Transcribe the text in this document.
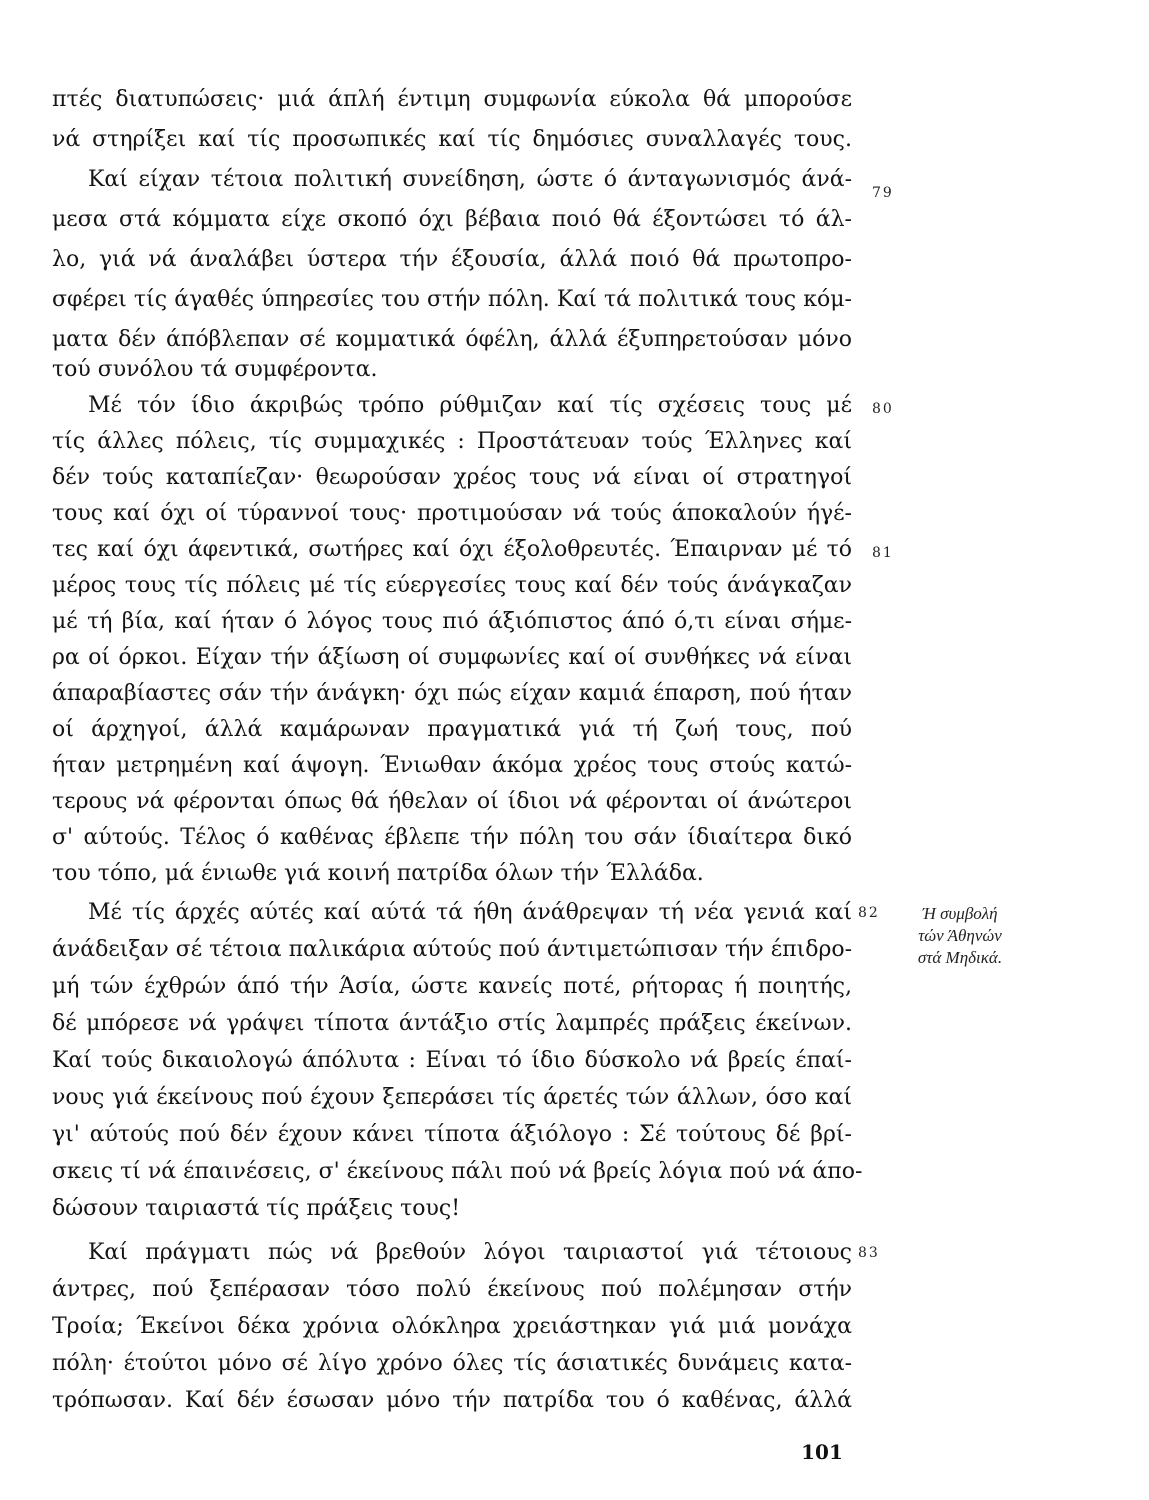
πτές διατυπώσεις· μιά άπλή έντιμη συμφωνία εύκολα θά μπορούσε
νά στηρίξει καί τίς προσωπικές καί τίς δημόσιες συναλλαγές τους.
Καί είχαν τέτοια πολιτική συνείδηση, ώστε ό άνταγωνισμός άνά-
μεσα στά κόμματα είχε σκοπό όχι βέβαια ποιό θά έξοντώσει τό άλ-
λο, γιά νά άναλάβει ύστερα τήν έξουσία, άλλά ποιό θά πρωτοπρο-
σφέρει τίς άγαθές ύπηρεσίες του στήν πόλη. Καί τά πολιτικά τους κόμ-
ματα δέν άπόβλεπαν σέ κομματικά όφέλη, άλλά έξυπηρετούσαν μόνο
τού συνόλου τά συμφέροντα.
Μέ τόν ίδιο άκριβώς τρόπο ρύθμιζαν καί τίς σχέσεις τους μέ
τίς άλλες πόλεις, τίς συμμαχικές : Προστάτευαν τούς Έλληνες καί
δέν τούς καταπίεζαν· θεωρούσαν χρέος τους νά είναι οί στρατηγοί
τους καί όχι οί τύραννοί τους· προτιμούσαν νά τούς άποκαλούν ήγέ-
τες καί όχι άφεντικά, σωτήρες καί όχι έξολοθρευτές. Έπαιρναν μέ τό
μέρος τους τίς πόλεις μέ τίς εύεργεσίες τους καί δέν τούς άνάγκαζαν
μέ τή βία, καί ήταν ό λόγος τους πιό άξιόπιστος άπό ό,τι είναι σήμε-
ρα οί όρκοι. Είχαν τήν άξίωση οί συμφωνίες καί οί συνθήκες νά είναι
άπαραβίαστες σάν τήν άνάγκη· όχι πώς είχαν καμιά έπαρση, πού ήταν
οί άρχηγοί, άλλά καμάρωναν πραγματικά γιά τή ζωή τους, πού
ήταν μετρημένη καί άψογη. Ένιωθαν άκόμα χρέος τους στούς κατώ-
τερους νά φέρονται όπως θά ήθελαν οί ίδιοι νά φέρονται οί άνώτεροι
σ' αύτούς. Τέλος ό καθένας έβλεπε τήν πόλη του σάν ίδιαίτερα δικό
του τόπο, μά ένιωθε γιά κοινή πατρίδα όλων τήν Έλλάδα.
Μέ τίς άρχές αύτές καί αύτά τά ήθη άνάθρεψαν τή νέα γενιά καί
άνάδειξαν σέ τέτοια παλικάρια αύτούς πού άντιμετώπισαν τήν έπιδρο-
μή τών έχθρών άπό τήν Άσία, ώστε κανείς ποτέ, ρήτορας ή ποιητής,
δέ μπόρεσε νά γράψει τίποτα άντάξιο στίς λαμπρές πράξεις έκείνων.
Καί τούς δικαιολογώ άπόλυτα : Είναι τό ίδιο δύσκολο νά βρείς έπαί-
νους γιά έκείνους πού έχουν ξεπεράσει τίς άρετές τών άλλων, όσο καί
γι' αύτούς πού δέν έχουν κάνει τίποτα άξιόλογο : Σέ τούτους δέ βρί-
σκεις τί νά έπαινέσεις, σ' έκείνους πάλι πού νά βρείς λόγια πού νά άπο-
δώσουν ταιριαστά τίς πράξεις τους!
Καί πράγματι πώς νά βρεθούν λόγοι ταιριαστοί γιά τέτοιους
άντρες, πού ξεπέρασαν τόσο πολύ έκείνους πού πολέμησαν στήν
Τροία; Έκείνοι δέκα χρόνια ολόκληρα χρειάστηκαν γιά μιά μονάχα
πόλη· έτούτοι μόνο σέ λίγο χρόνο όλες τίς άσιατικές δυνάμεις κατα-
τρόπωσαν. Καί δέν έσωσαν μόνο τήν πατρίδα του ό καθένας, άλλά
79
80
81
82
83
Ή συμβολή
τών Άθηνών
στά Μηδικά.
101
